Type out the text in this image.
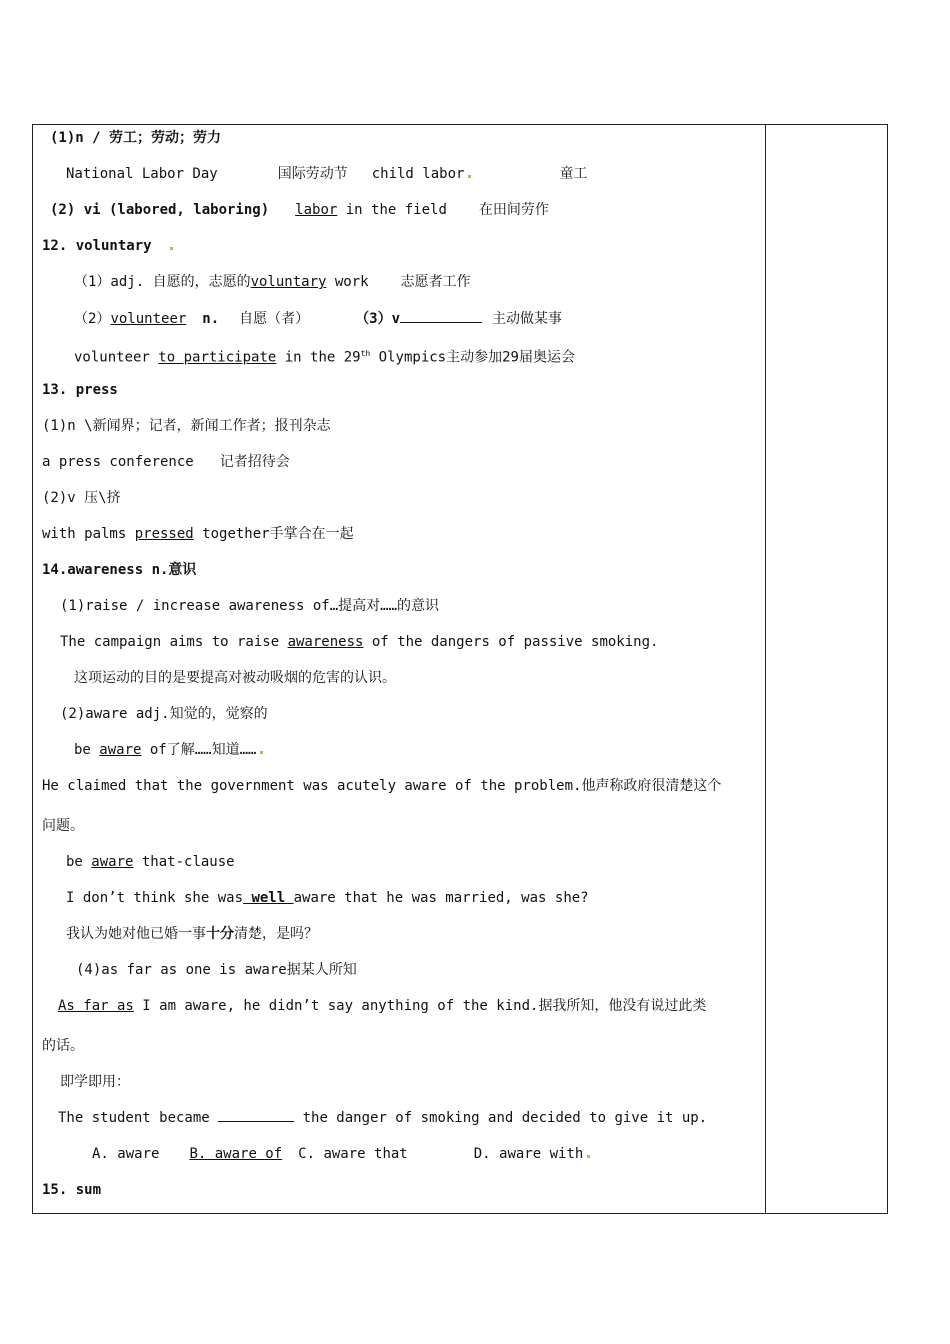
(1)n / 劳工；劳动；劳力
National Labor Day	国际劳动节 child labor	童工
(2) vi (labored, laboring) labor in the field 在田间劳作
12. voluntary
（1）adj. 自愿的，志愿的voluntary work 志愿者工作
（2）volunteer n. 自愿（者）	（3）v	主动做某事
volunteer to participate in the 29th Olympics主动参加29届奥运会
13. press
(1)n \新闻界；记者，新闻工作者；报刊杂志
a press conference 记者招待会
(2)v 压\挤
with palms pressed together手掌合在一起
14.awareness n.意识
(1)raise / increase awareness of…提高对……的意识
The campaign aims to raise awareness of the dangers of passive smoking.
这项运动的目的是要提高对被动吸烟的危害的认识。
(2)aware adj.知觉的，觉察的
be aware of了解……知道……
He claimed that the government was acutely aware of the problem.他声称政府很清楚这个
问题。
be aware that-clause
I don’t think she was well aware that he was married, was she?
我认为她对他已婚一事十分清楚，是吗？
(4)as far as one is aware据某人所知
As far as I am aware, he didn’t say anything of the kind.据我所知，他没有说过此类
的话。
即学即用：
The student became	the danger of smoking and decided to give it up.
A. aware B. aware of C. aware that	D. aware with
15. sum
